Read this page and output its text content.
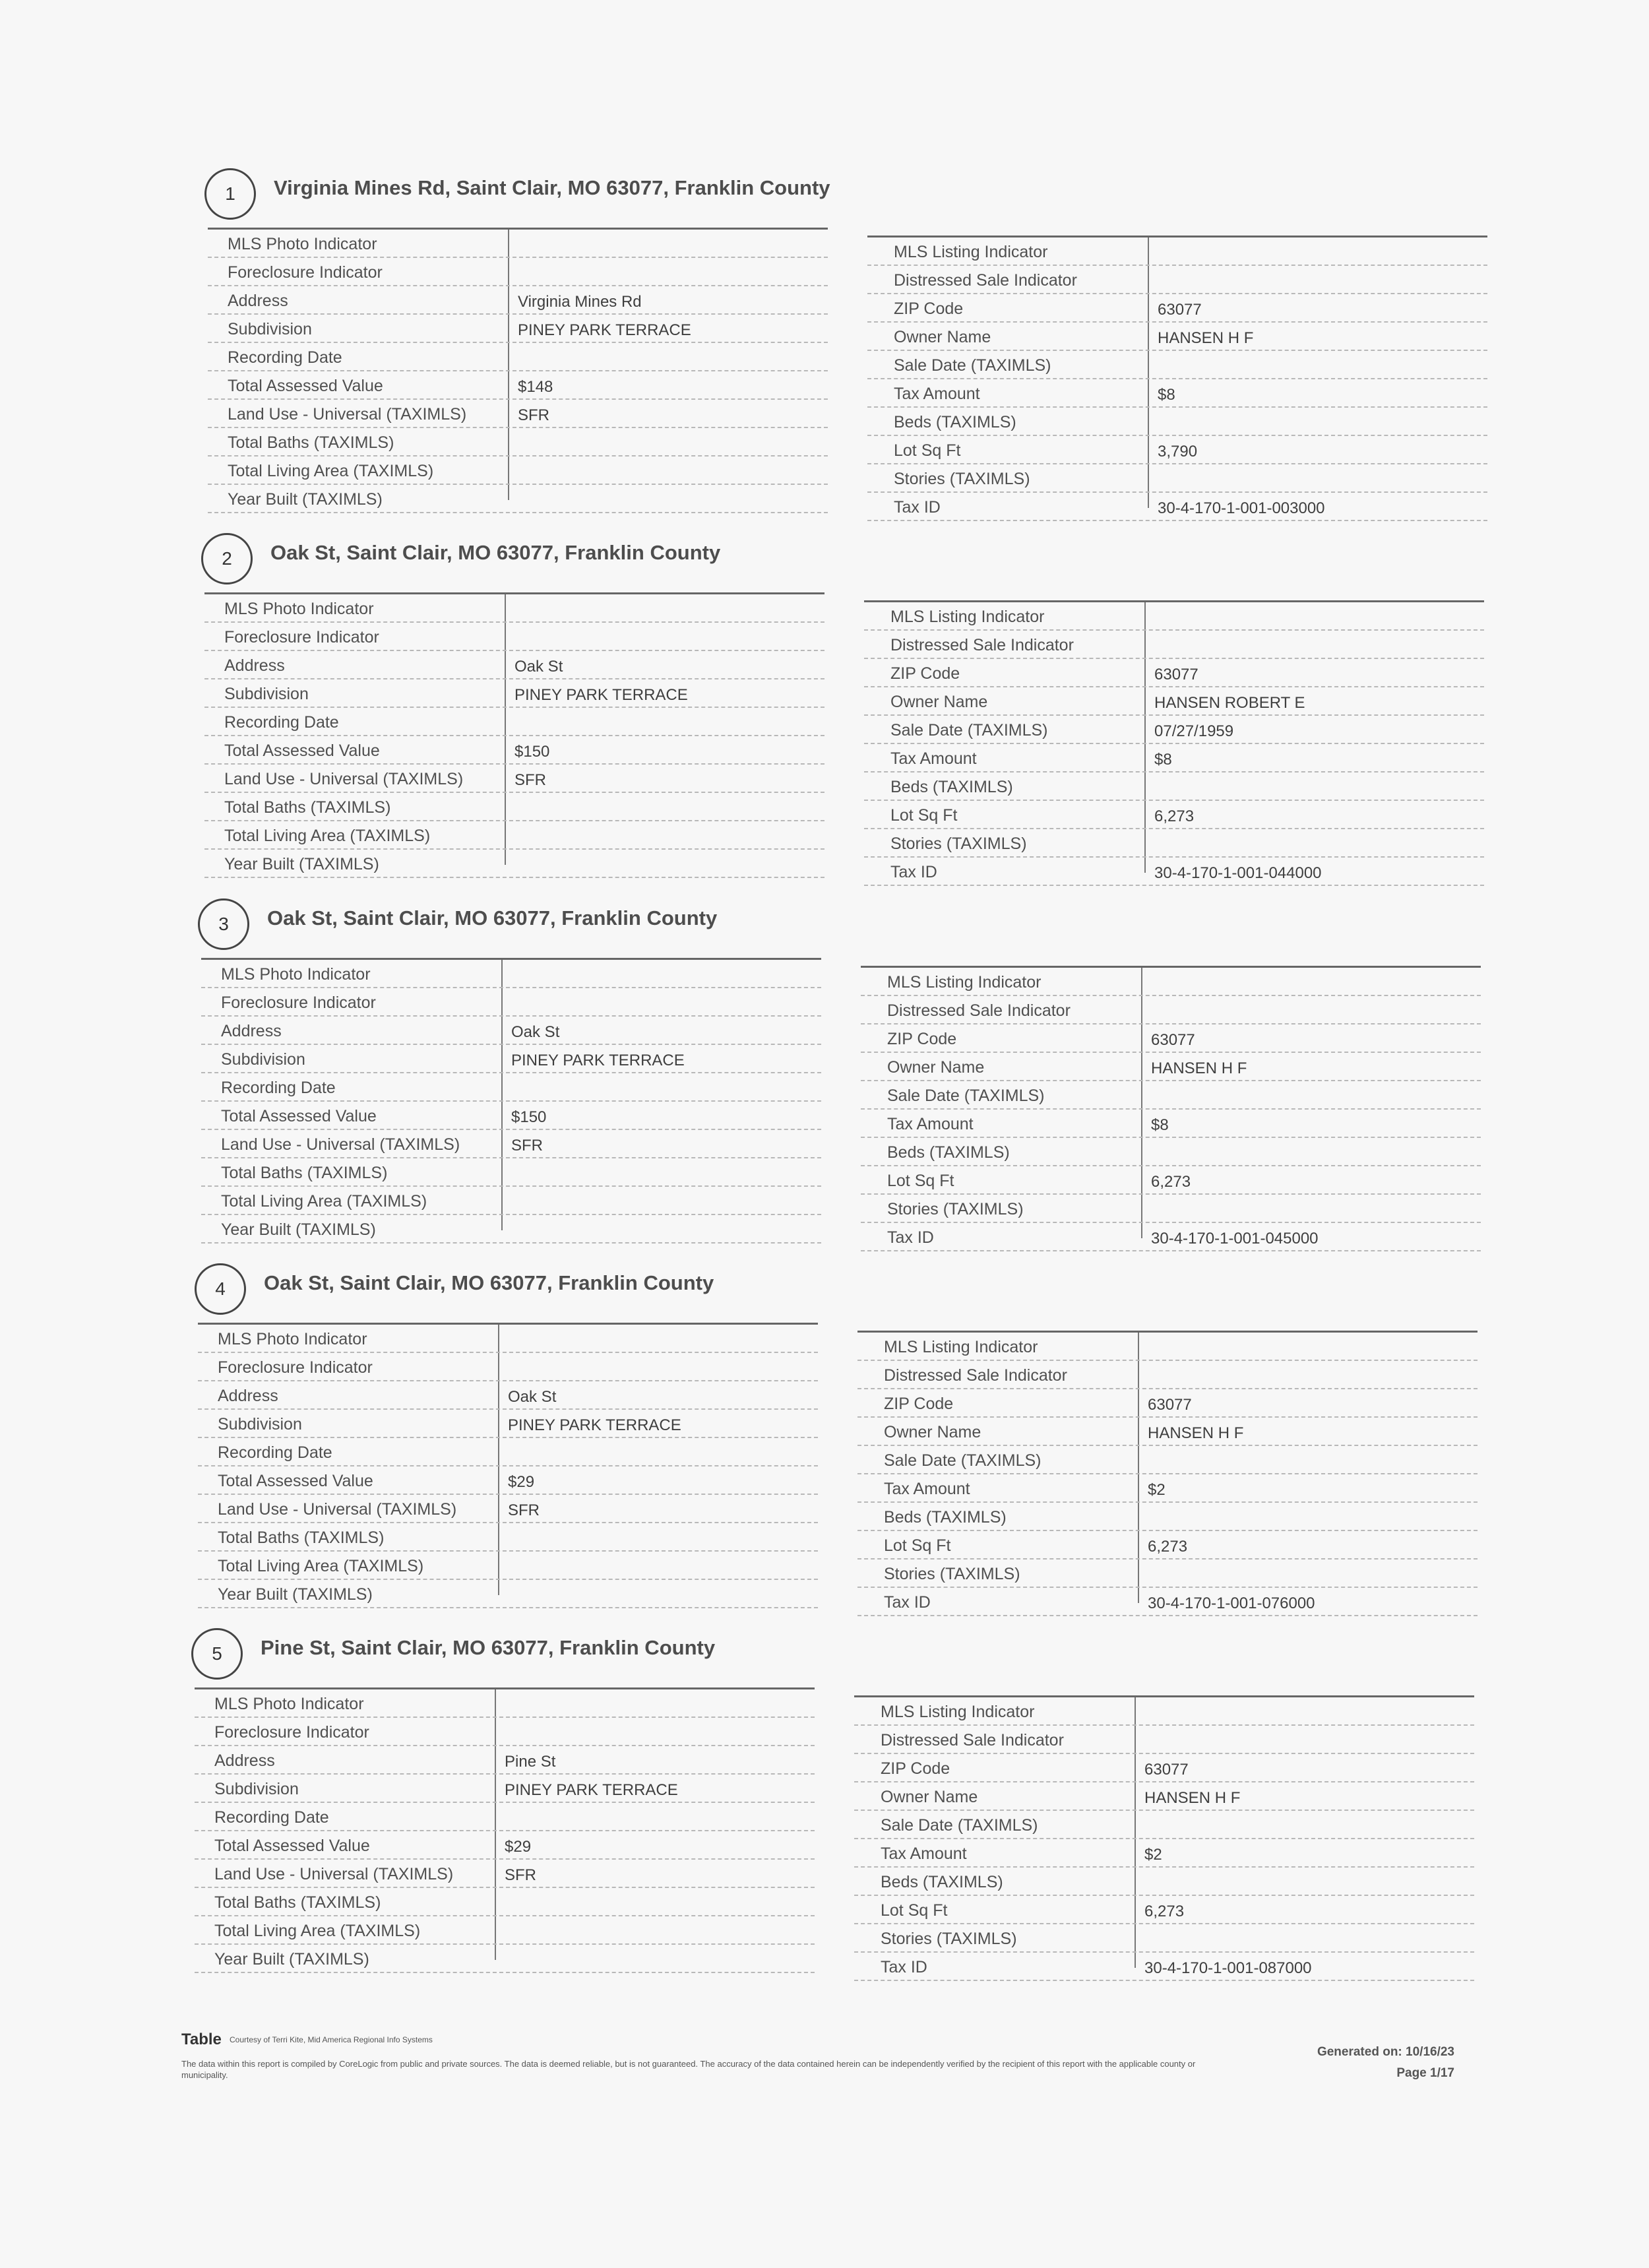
1	Virginia Mines Rd, Saint Clair, MO 63077, Franklin County
MLS Photo Indicator
Foreclosure Indicator
Address	Virginia Mines Rd
Subdivision	PINEY PARK TERRACE
Recording Date
Total Assessed Value	$148
Land Use - Universal (TAXIMLS)	SFR
Total Baths (TAXIMLS)
Total Living Area (TAXIMLS)
Year Built (TAXIMLS)
MLS Listing Indicator
Distressed Sale Indicator
ZIP Code	63077
Owner Name	HANSEN H F
Sale Date (TAXIMLS)
Tax Amount	$8
Beds (TAXIMLS)
Lot Sq Ft	3,790
Stories (TAXIMLS)
Tax ID	30-4-170-1-001-003000
2	Oak St, Saint Clair, MO 63077, Franklin County
MLS Photo Indicator
Foreclosure Indicator
Address	Oak St
Subdivision	PINEY PARK TERRACE
Recording Date
Total Assessed Value	$150
Land Use - Universal (TAXIMLS)	SFR
Total Baths (TAXIMLS)
Total Living Area (TAXIMLS)
Year Built (TAXIMLS)
MLS Listing Indicator
Distressed Sale Indicator
ZIP Code	63077
Owner Name	HANSEN ROBERT E
Sale Date (TAXIMLS)	07/27/1959
Tax Amount	$8
Beds (TAXIMLS)
Lot Sq Ft	6,273
Stories (TAXIMLS)
Tax ID	30-4-170-1-001-044000
3	Oak St, Saint Clair, MO 63077, Franklin County
MLS Photo Indicator
Foreclosure Indicator
Address	Oak St
Subdivision	PINEY PARK TERRACE
Recording Date
Total Assessed Value	$150
Land Use - Universal (TAXIMLS)	SFR
Total Baths (TAXIMLS)
Total Living Area (TAXIMLS)
Year Built (TAXIMLS)
MLS Listing Indicator
Distressed Sale Indicator
ZIP Code	63077
Owner Name	HANSEN H F
Sale Date (TAXIMLS)
Tax Amount	$8
Beds (TAXIMLS)
Lot Sq Ft	6,273
Stories (TAXIMLS)
Tax ID	30-4-170-1-001-045000
4	Oak St, Saint Clair, MO 63077, Franklin County
MLS Photo Indicator
Foreclosure Indicator
Address	Oak St
Subdivision	PINEY PARK TERRACE
Recording Date
Total Assessed Value	$29
Land Use - Universal (TAXIMLS)	SFR
Total Baths (TAXIMLS)
Total Living Area (TAXIMLS)
Year Built (TAXIMLS)
MLS Listing Indicator
Distressed Sale Indicator
ZIP Code	63077
Owner Name	HANSEN H F
Sale Date (TAXIMLS)
Tax Amount	$2
Beds (TAXIMLS)
Lot Sq Ft	6,273
Stories (TAXIMLS)
Tax ID	30-4-170-1-001-076000
5	Pine St, Saint Clair, MO 63077, Franklin County
MLS Photo Indicator
Foreclosure Indicator
Address	Pine St
Subdivision	PINEY PARK TERRACE
Recording Date
Total Assessed Value	$29
Land Use - Universal (TAXIMLS)	SFR
Total Baths (TAXIMLS)
Total Living Area (TAXIMLS)
Year Built (TAXIMLS)
MLS Listing Indicator
Distressed Sale Indicator
ZIP Code	63077
Owner Name	HANSEN H F
Sale Date (TAXIMLS)
Tax Amount	$2
Beds (TAXIMLS)
Lot Sq Ft	6,273
Stories (TAXIMLS)
Tax ID	30-4-170-1-001-087000
Table Courtesy of Terri Kite, Mid America Regional Info Systems
The data within this report is compiled by CoreLogic from public and private sources. The data is deemed reliable, but is not guaranteed. The accuracy of the data contained herein can be independently verified by the recipient of this report with the applicable county or municipality.
Generated on: 10/16/23
Page 1/17
